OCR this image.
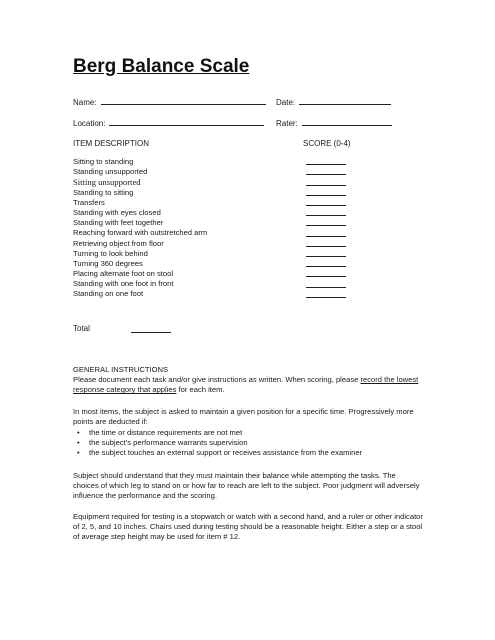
Berg Balance Scale
Name:	Date:
Location:	Rater:
ITEM DESCRIPTION	SCORE (0-4)
Sitting to standing
Standing unsupported
Sitting unsupported
Standing to sitting
Transfers
Standing with eyes closed
Standing with feet together
Reaching forward with outstretched arm
Retrieving object from floor
Turning to look behind
Turning 360 degrees
Placing alternate foot on stool
Standing with one foot in front
Standing on one foot
Total
GENERAL INSTRUCTIONS

Please document each task and/or give instructions as written. When scoring, please record the lowest response category that applies for each item.

In most items, the subject is asked to maintain a given position for a specific time. Progressively more points are deducted if:

• the time or distance requirements are not met
• the subject’s performance warrants supervision
• the subject touches an external support or receives assistance from the examiner

Subject should understand that they must maintain their balance while attempting the tasks. The choices of which leg to stand on or how far to reach are left to the subject. Poor judgment will adversely influence the performance and the scoring.

Equipment required for testing is a stopwatch or watch with a second hand, and a ruler or other indicator of 2, 5, and 10 inches. Chairs used during testing should be a reasonable height. Either a step or a stool of average step height may be used for item # 12.
